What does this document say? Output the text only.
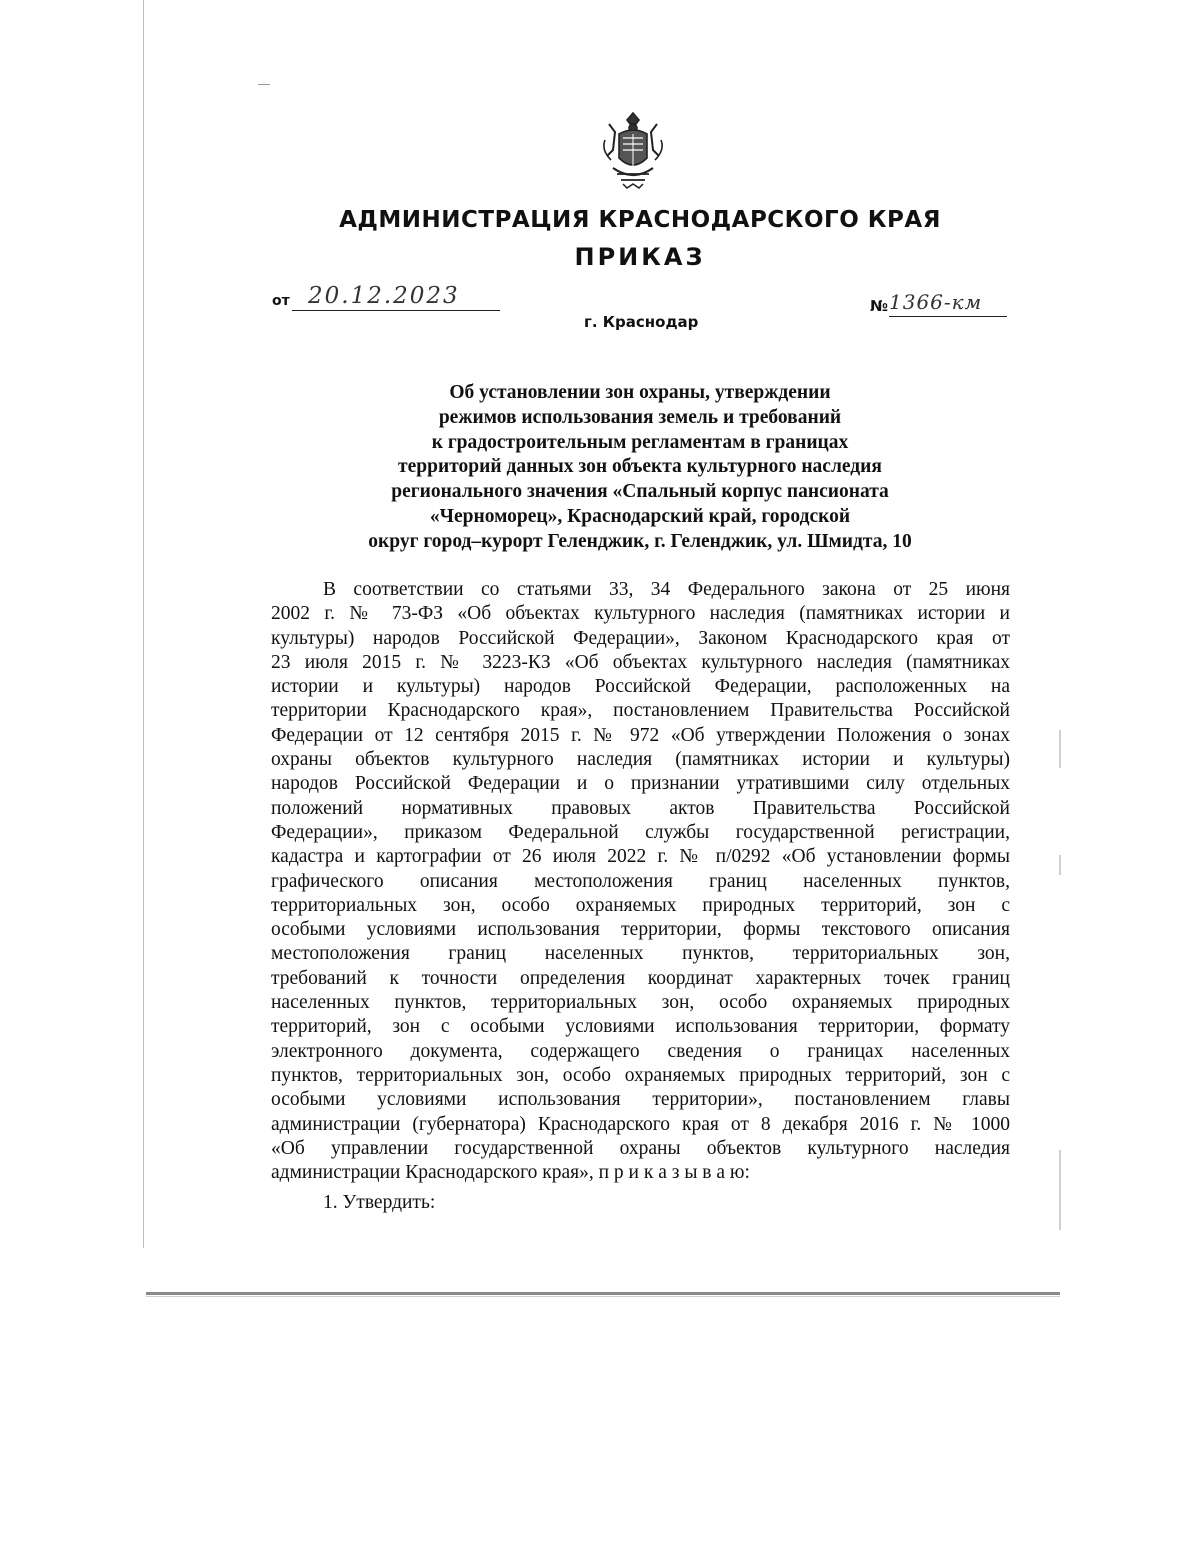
АДМИНИСТРАЦИЯ КРАСНОДАРСКОГО КРАЯ
ПРИКАЗ
от 20.12.2023
г. Краснодар
№ 1366-км
Об установлении зон охраны, утверждении
режимов использования земель и требований
к градостроительным регламентам в границах
территорий данных зон объекта культурного наследия
регионального значения «Спальный корпус пансионата
«Черноморец», Краснодарский край, городской
округ город–курорт Геленджик, г. Геленджик, ул. Шмидта, 10
В соответствии со статьями 33, 34 Федерального закона от 25 июня
2002 г. № 73-ФЗ «Об объектах культурного наследия (памятниках истории и
культуры) народов Российской Федерации», Законом Краснодарского края от
23 июля 2015 г. № 3223-КЗ «Об объектах культурного наследия (памятниках
истории и культуры) народов Российской Федерации, расположенных на
территории Краснодарского края», постановлением Правительства Российской
Федерации от 12 сентября 2015 г. № 972 «Об утверждении Положения о зонах
охраны объектов культурного наследия (памятниках истории и культуры)
народов Российской Федерации и о признании утратившими силу отдельных
положений нормативных правовых актов Правительства Российской
Федерации», приказом Федеральной службы государственной регистрации,
кадастра и картографии от 26 июля 2022 г. № п/0292 «Об установлении формы
графического описания местоположения границ населенных пунктов,
территориальных зон, особо охраняемых природных территорий, зон с
особыми условиями использования территории, формы текстового описания
местоположения границ населенных пунктов, территориальных зон,
требований к точности определения координат характерных точек границ
населенных пунктов, территориальных зон, особо охраняемых природных
территорий, зон с особыми условиями использования территории, формату
электронного документа, содержащего сведения о границах населенных
пунктов, территориальных зон, особо охраняемых природных территорий, зон с
особыми условиями использования территории», постановлением главы
администрации (губернатора) Краснодарского края от 8 декабря 2016 г. № 1000
«Об управлении государственной охраны объектов культурного наследия
администрации Краснодарского края», п р и к а з ы в а ю:
1. Утвердить:
